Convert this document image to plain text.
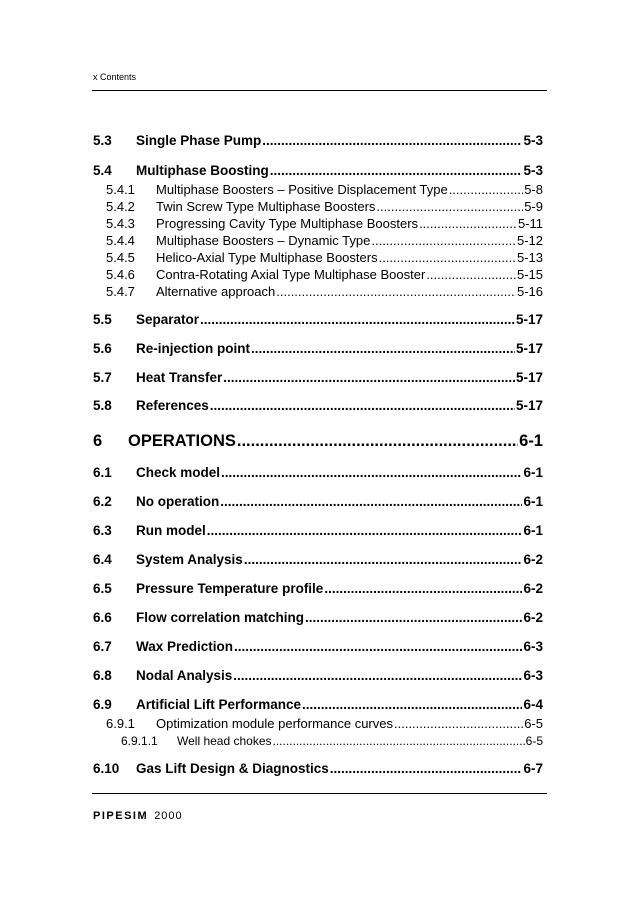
x Contents
5.3	Single Phase Pump .....	5-3
5.4	Multiphase Boosting .....	5-3
5.4.1	Multiphase Boosters – Positive Displacement Type .....	5-8
5.4.2	Twin Screw Type Multiphase Boosters .....	5-9
5.4.3	Progressing Cavity Type Multiphase Boosters .....	5-11
5.4.4	Multiphase Boosters – Dynamic Type .....	5-12
5.4.5	Helico-Axial Type Multiphase Boosters .....	5-13
5.4.6	Contra-Rotating Axial Type Multiphase Booster .....	5-15
5.4.7	Alternative approach .....	5-16
5.5	Separator .....	5-17
5.6	Re-injection point .....	5-17
5.7	Heat Transfer .....	5-17
5.8	References .....	5-17
6	OPERATIONS .....	6-1
6.1	Check model .....	6-1
6.2	No operation .....	6-1
6.3	Run model .....	6-1
6.4	System Analysis .....	6-2
6.5	Pressure Temperature profile .....	6-2
6.6	Flow correlation matching .....	6-2
6.7	Wax Prediction .....	6-3
6.8	Nodal Analysis .....	6-3
6.9	Artificial Lift Performance .....	6-4
6.9.1	Optimization module performance curves .....	6-5
6.9.1.1	Well head chokes .....	6-5
6.10	Gas Lift Design & Diagnostics .....	6-7
PIPESIM 2000
